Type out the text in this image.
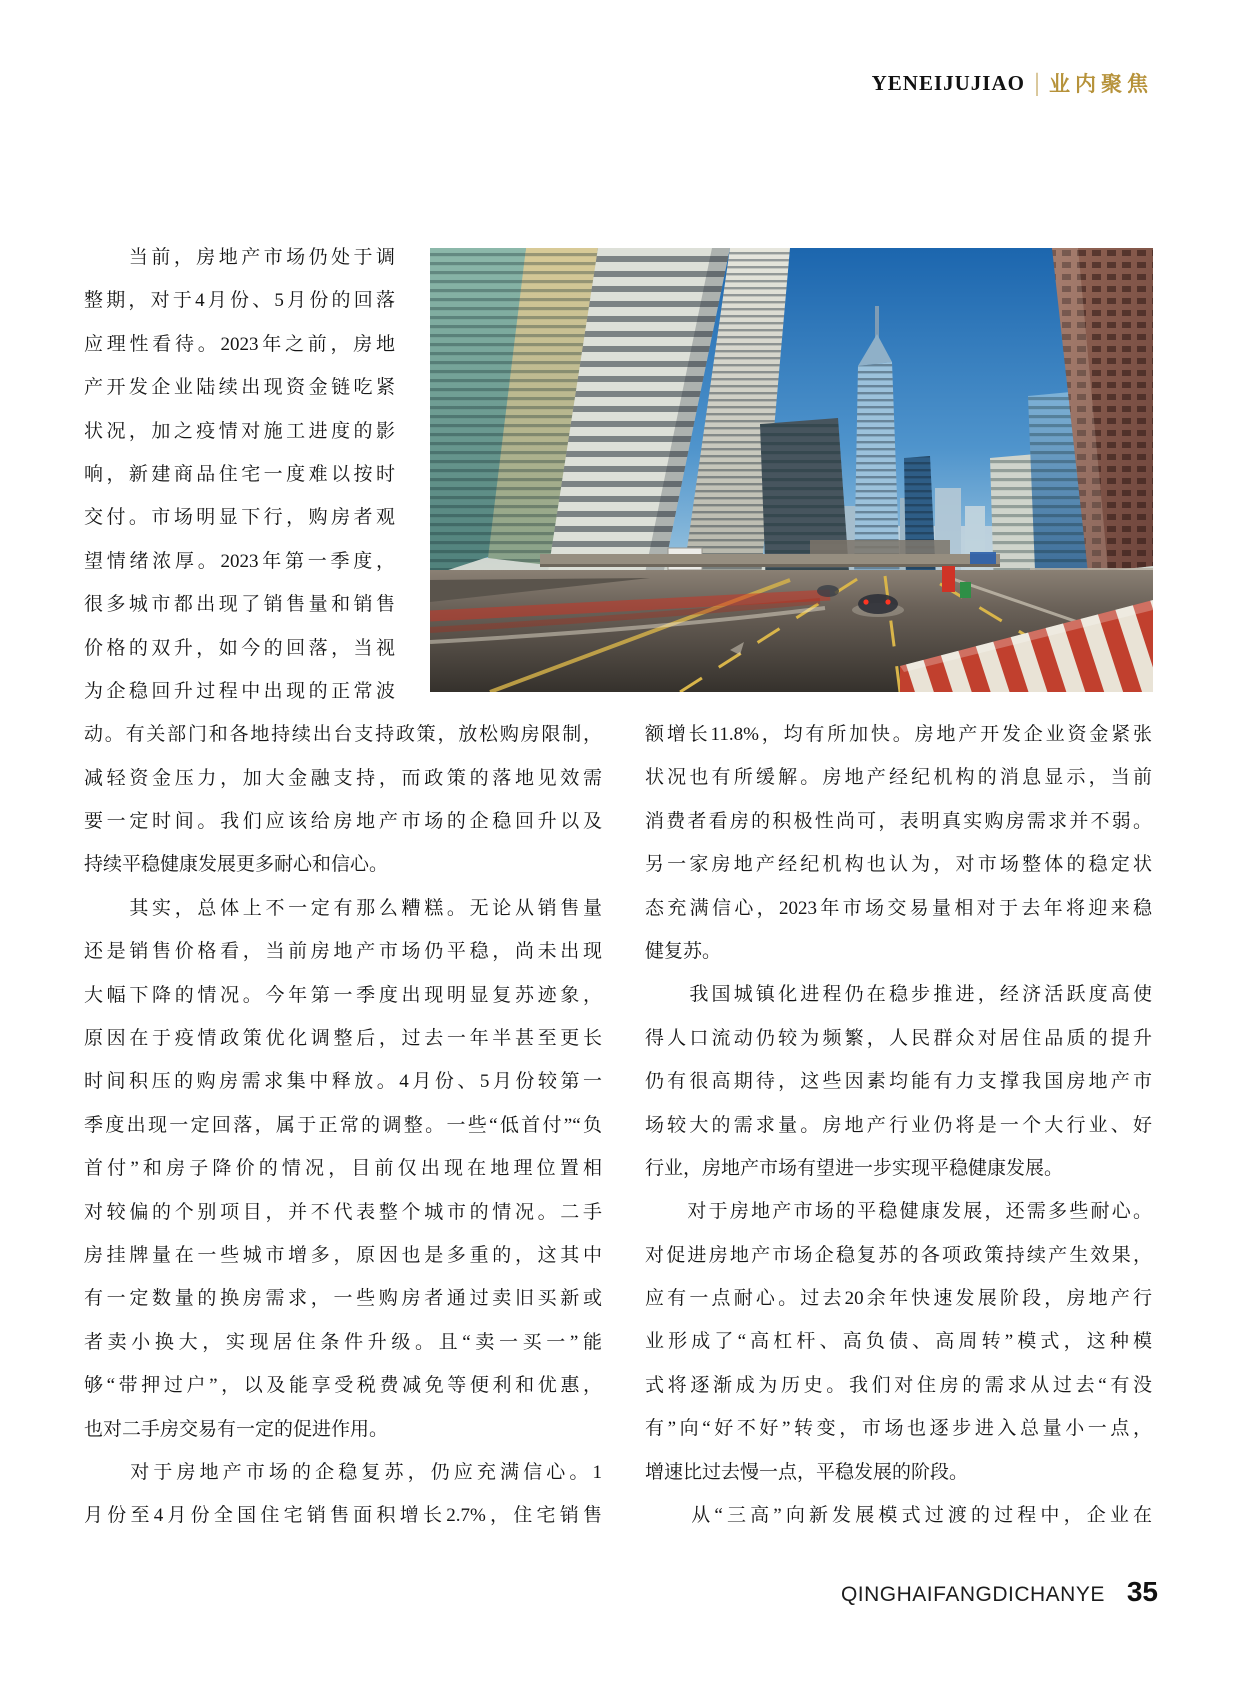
YENEIJUJIAO | 业内聚焦
　　当前，房地产市场仍处于调
整期，对于4月份、5月份的回落
应理性看待。2023年之前，房地
产开发企业陆续出现资金链吃紧
状况，加之疫情对施工进度的影
响，新建商品住宅一度难以按时
交付。市场明显下行，购房者观
望情绪浓厚。2023年第一季度，
很多城市都出现了销售量和销售
价格的双升，如今的回落，当视
为企稳回升过程中出现的正常波
动。有关部门和各地持续出台支持政策，放松购房限制，
减轻资金压力，加大金融支持，而政策的落地见效需
要一定时间。我们应该给房地产市场的企稳回升以及
持续平稳健康发展更多耐心和信心。
　　其实，总体上不一定有那么糟糕。无论从销售量
还是销售价格看，当前房地产市场仍平稳，尚未出现
大幅下降的情况。今年第一季度出现明显复苏迹象，
原因在于疫情政策优化调整后，过去一年半甚至更长
时间积压的购房需求集中释放。4月份、5月份较第一
季度出现一定回落，属于正常的调整。一些“低首付”“负
首付”和房子降价的情况，目前仅出现在地理位置相
对较偏的个别项目，并不代表整个城市的情况。二手
房挂牌量在一些城市增多，原因也是多重的，这其中
有一定数量的换房需求，一些购房者通过卖旧买新或
者卖小换大，实现居住条件升级。且“卖一买一”能
够“带押过户”，以及能享受税费减免等便利和优惠，
也对二手房交易有一定的促进作用。
　　对于房地产市场的企稳复苏，仍应充满信心。1
月份至4月份全国住宅销售面积增长2.7%，住宅销售
额增长11.8%，均有所加快。房地产开发企业资金紧张
状况也有所缓解。房地产经纪机构的消息显示，当前
消费者看房的积极性尚可，表明真实购房需求并不弱。
另一家房地产经纪机构也认为，对市场整体的稳定状
态充满信心，2023年市场交易量相对于去年将迎来稳
健复苏。
　　我国城镇化进程仍在稳步推进，经济活跃度高使
得人口流动仍较为频繁，人民群众对居住品质的提升
仍有很高期待，这些因素均能有力支撑我国房地产市
场较大的需求量。房地产行业仍将是一个大行业、好
行业，房地产市场有望进一步实现平稳健康发展。
　　对于房地产市场的平稳健康发展，还需多些耐心。
对促进房地产市场企稳复苏的各项政策持续产生效果，
应有一点耐心。过去20余年快速发展阶段，房地产行
业形成了“高杠杆、高负债、高周转”模式，这种模
式将逐渐成为历史。我们对住房的需求从过去“有没
有”向“好不好”转变，市场也逐步进入总量小一点，
增速比过去慢一点，平稳发展的阶段。
　　从“三高”向新发展模式过渡的过程中，企业在
QINGHAIFANGDICHANYE 35
